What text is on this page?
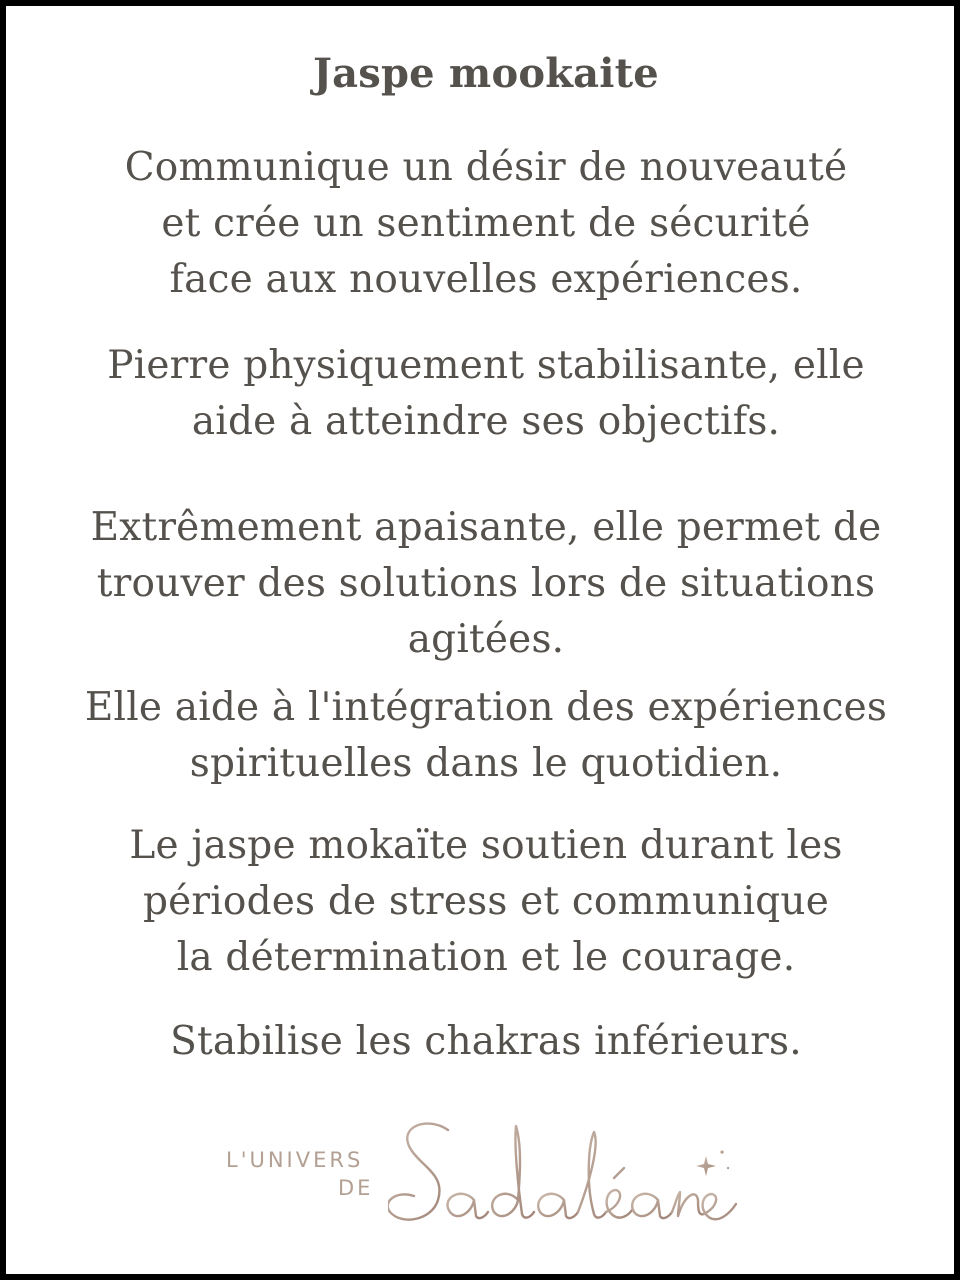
Jaspe mookaite

Communique un désir de nouveauté
et crée un sentiment de sécurité
face aux nouvelles expériences.

Pierre physiquement stabilisante, elle
aide à atteindre ses objectifs.

Extrêmement apaisante, elle permet de
trouver des solutions lors de situations
agitées.

Elle aide à l'intégration des expériences
spirituelles dans le quotidien.

Le jaspe mokaïte soutien durant les
périodes de stress et communique
la détermination et le courage.

Stabilise les chakras inférieurs.

L'UNIVERS
DE
